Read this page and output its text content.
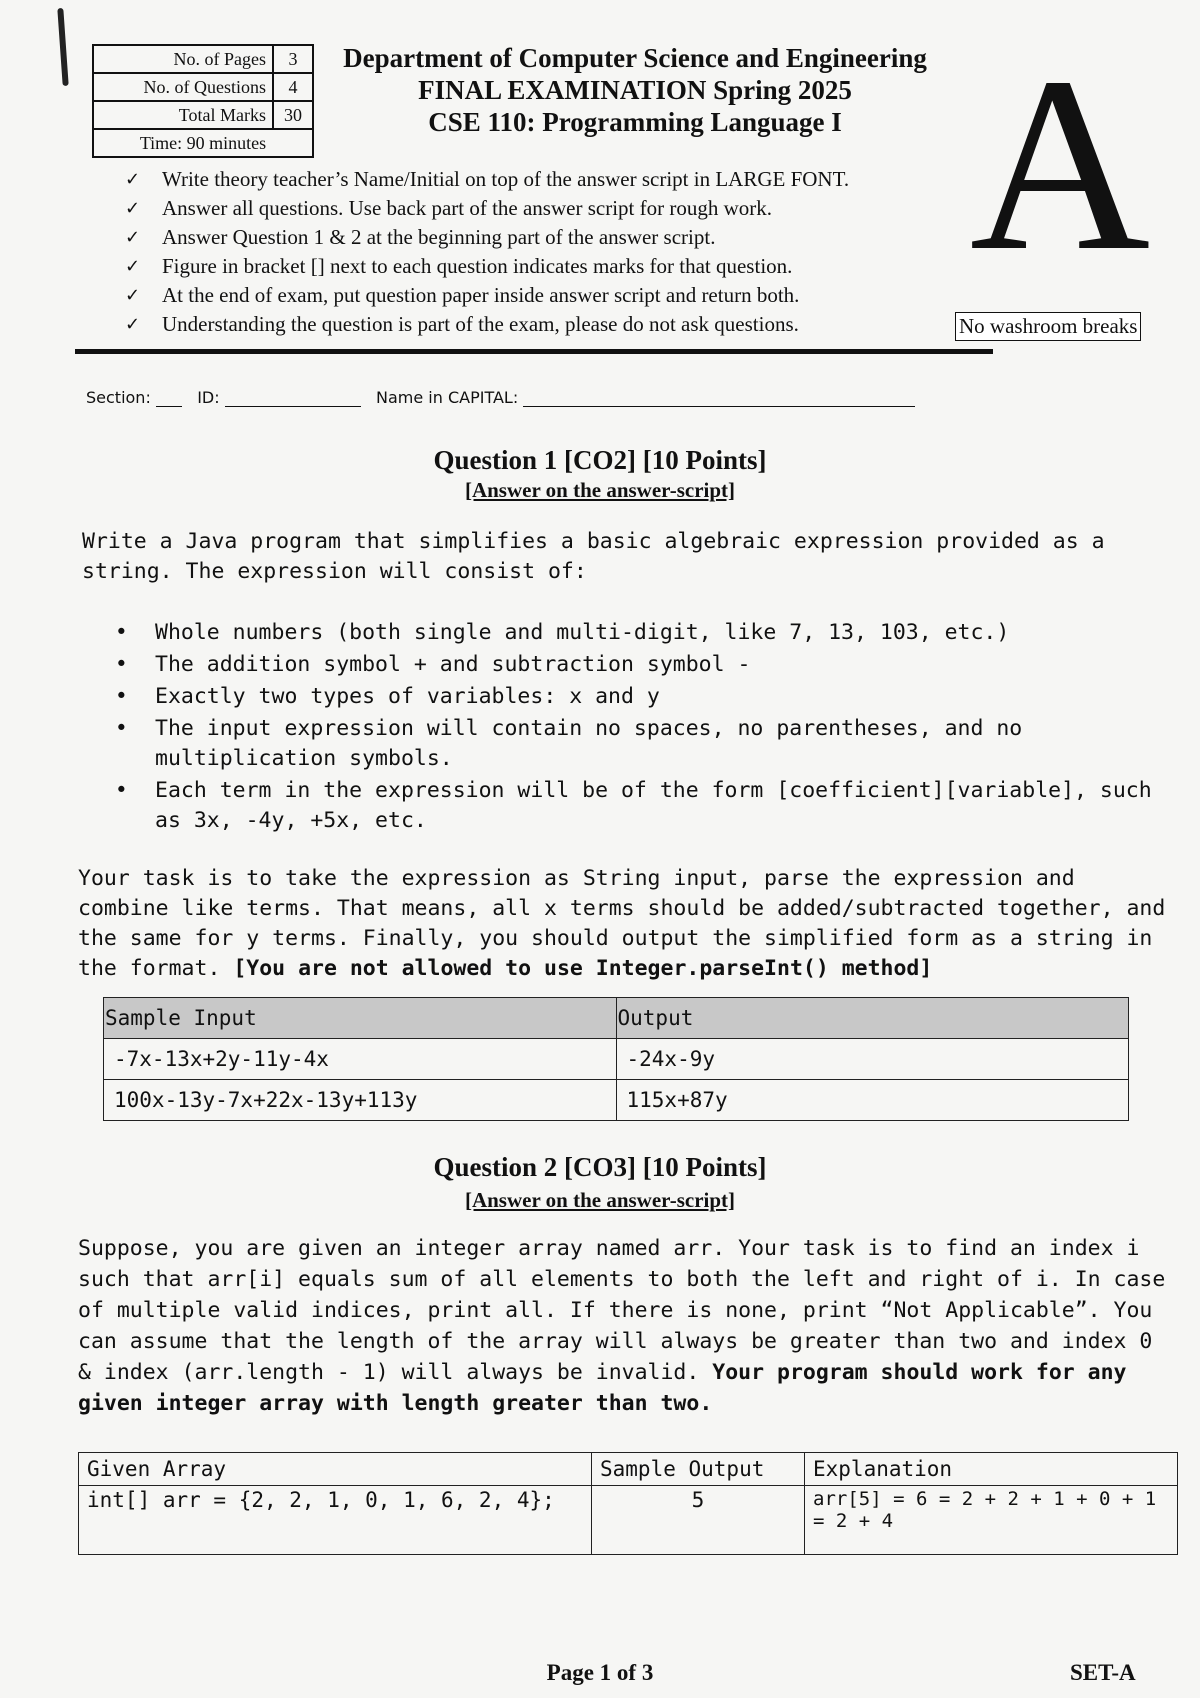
No. of Pages	3
No. of Questions	4
Total Marks	30
Time: 90 minutes	
Department of Computer Science and Engineering
FINAL EXAMINATION Spring 2025
CSE 110: Programming Language I A
✓	Write theory teacher’s Name/Initial on top of the answer script in LARGE FONT.
✓	Answer all questions. Use back part of the answer script for rough work.
✓	Answer Question 1 & 2 at the beginning part of the answer script.
✓	Figure in bracket [] next to each question indicates marks for that question.
✓	At the end of exam, put question paper inside answer script and return both.
✓	Understanding the question is part of the exam, please do not ask questions.	No washroom breaks
Section:	ID:	Name in CAPITAL:
Question 1 [CO2] [10 Points]
[Answer on the answer-script]
Write a Java program that simplifies a basic algebraic expression provided as a string. The expression will consist of:
• Whole numbers (both single and multi-digit, like 7, 13, 103, etc.)
• The addition symbol + and subtraction symbol -
• Exactly two types of variables: x and y
• The input expression will contain no spaces, no parentheses, and no multiplication symbols.
• Each term in the expression will be of the form [coefficient][variable], such as 3x, -4y, +5x, etc.
Your task is to take the expression as String input, parse the expression and combine like terms. That means, all x terms should be added/subtracted together, and the same for y terms. Finally, you should output the simplified form as a string in the format. [You are not allowed to use Integer.parseInt() method]
Sample Input	Output
-7x-13x+2y-11y-4x	-24x-9y
100x-13y-7x+22x-13y+113y	115x+87y
Question 2 [CO3] [10 Points]
[Answer on the answer-script]
Suppose, you are given an integer array named arr. Your task is to find an index i such that arr[i] equals sum of all elements to both the left and right of i. In case of multiple valid indices, print all. If there is none, print “Not Applicable”. You can assume that the length of the array will always be greater than two and index 0 & index (arr.length - 1) will always be invalid. Your program should work for any given integer array with length greater than two.
Given Array	Sample Output	Explanation
int[] arr = {2, 2, 1, 0, 1, 6, 2, 4};	5	arr[5] = 6 = 2 + 2 + 1 + 0 + 1 = 2 + 4
Page 1 of 3	SET-A
